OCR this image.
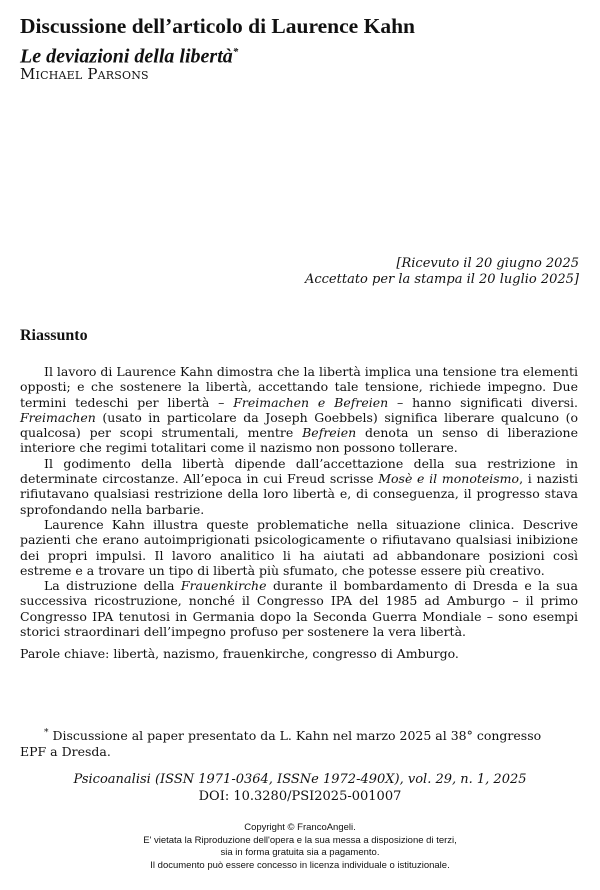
Discussione dell’articolo di Laurence Kahn
Le deviazioni della libertà*
Michael Parsons
[Ricevuto il 20 giugno 2025
Accettato per la stampa il 20 luglio 2025]
Riassunto

Il lavoro di Laurence Kahn dimostra che la libertà implica una tensione tra elementi opposti; e che sostenere la libertà, accettando tale tensione, richiede impegno. Due termini tedeschi per libertà – Freimachen e Befreien – hanno significati diversi. Freimachen (usato in particolare da Joseph Goebbels) significa liberare qualcuno (o qualcosa) per scopi strumentali, mentre Befreien denota un senso di liberazione interiore che regimi totalitari come il nazismo non possono tollerare.

Il godimento della libertà dipende dall’accettazione della sua restrizione in determinate circostanze. All’epoca in cui Freud scrisse Mosè e il monoteismo, i nazisti rifiutavano qualsiasi restrizione della loro libertà e, di conseguenza, il progresso stava sprofondando nella barbarie.

Laurence Kahn illustra queste problematiche nella situazione clinica. Descrive pazienti che erano autoimprigionati psicologicamente o rifiutavano qualsiasi inibizione dei propri impulsi. Il lavoro analitico li ha aiutati ad abbandonare posizioni così estreme e a trovare un tipo di libertà più sfumato, che potesse essere più creativo.

La distruzione della Frauenkirche durante il bombardamento di Dresda e la sua successiva ricostruzione, nonché il Congresso IPA del 1985 ad Amburgo – il primo Congresso IPA tenutosi in Germania dopo la Seconda Guerra Mondiale – sono esempi storici straordinari dell’impegno profuso per sostenere la vera libertà.

Parole chiave: libertà, nazismo, frauenkirche, congresso di Amburgo.

* Discussione al paper presentato da L. Kahn nel marzo 2025 al 38° congresso EPF a Dresda.

Psicoanalisi (ISSN 1971-0364, ISSNe 1972-490X), vol. 29, n. 1, 2025

DOI: 10.3280/PSI2025-001007

Copyright © FrancoAngeli.
E' vietata la Riproduzione dell'opera e la sua messa a disposizione di terzi,
sia in forma gratuita sia a pagamento.
Il documento può essere concesso in licenza individuale o istituzionale.
